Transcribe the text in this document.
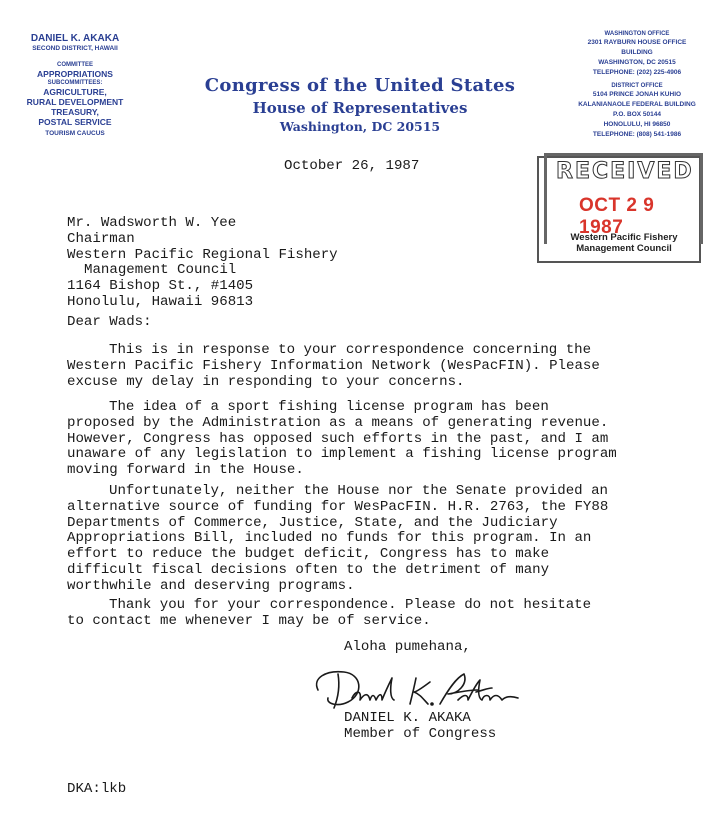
DANIEL K. AKAKA
SECOND DISTRICT, HAWAII
COMMITTEE
APPROPRIATIONS
SUBCOMMITTEES:
AGRICULTURE,
RURAL DEVELOPMENT
TREASURY,
POSTAL SERVICE
TOURISM CAUCUS
Congress of the United States
House of Representatives
Washington, DC 20515
WASHINGTON OFFICE
2301 RAYBURN HOUSE OFFICE
BUILDING
WASHINGTON, DC 20515
TELEPHONE: (202) 225-4906
DISTRICT OFFICE
5104 PRINCE JONAH KUHIO
KALANIANAOLE FEDERAL BUILDING
P.O. BOX 50144
HONOLULU, HI 96850
TELEPHONE: (808) 541-1986
October 26, 1987	RECEIVED
OCT 2 9 1987
Western Pacific Fishery
Management Council
Mr. Wadsworth W. Yee
Chairman
Western Pacific Regional Fishery
Management Council
1164 Bishop St., #1405
Honolulu, Hawaii 96813
Dear Wads:
This is in response to your correspondence concerning the
Western Pacific Fishery Information Network (WesPacFIN). Please
excuse my delay in responding to your concerns.
The idea of a sport fishing license program has been
proposed by the Administration as a means of generating revenue.
However, Congress has opposed such efforts in the past, and I am
unaware of any legislation to implement a fishing license program
moving forward in the House.
Unfortunately, neither the House nor the Senate provided an
alternative source of funding for WesPacFIN. H.R. 2763, the FY88
Departments of Commerce, Justice, State, and the Judiciary
Appropriations Bill, included no funds for this program. In an
effort to reduce the budget deficit, Congress has to make
difficult fiscal decisions often to the detriment of many
worthwhile and deserving programs.
Thank you for your correspondence. Please do not hesitate
to contact me whenever I may be of service.
Aloha pumehana,
DANIEL K. AKAKA
Member of Congress
DKA:lkb
